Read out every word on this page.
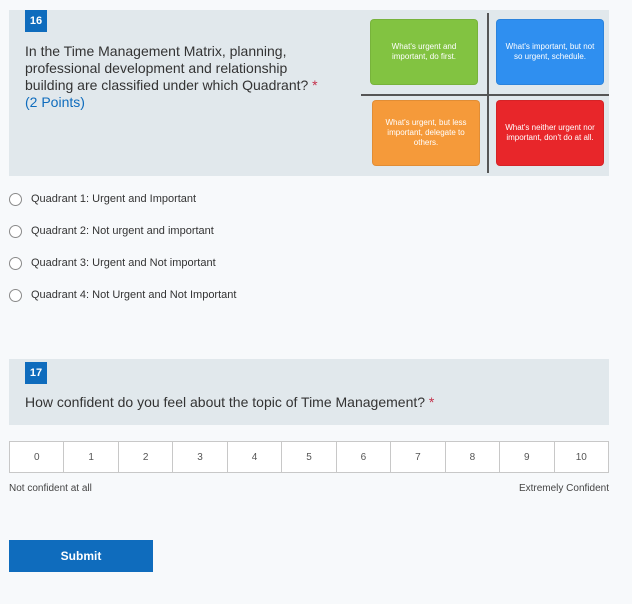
16
In the Time Management Matrix, planning, professional development and relationship building are classified under which Quadrant? *
(2 Points)
What's urgent and important, do first.
What's important, but not so urgent, schedule.
What's urgent, but less important, delegate to others.
What's neither urgent nor important, don't do at all.
Quadrant 1: Urgent and Important
Quadrant 2: Not urgent and important
Quadrant 3: Urgent and Not important
Quadrant 4: Not Urgent and Not Important
17
How confident do you feel about the topic of Time Management? *
0	1	2	3	4	5	6	7	8	9	10
Not confident at all	Extremely Confident
Submit
